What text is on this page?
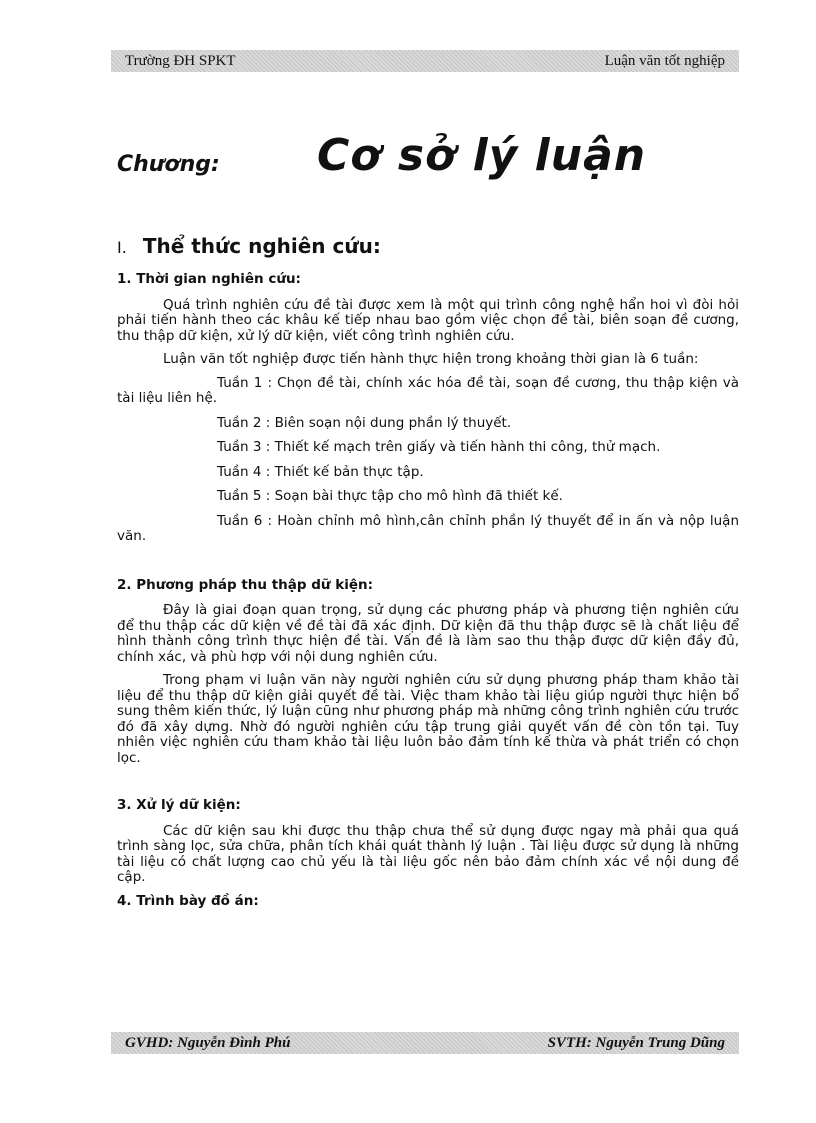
Trường ĐH SPKT	Luận văn tốt nghiệp
Chương: Cơ sở lý luận
I. Thể thức nghiên cứu:
1. Thời gian nghiên cứu:

Quá trình nghiên cứu đề tài được xem là một qui trình công nghệ hẩn hoi vì đòi hỏi phải tiến hành theo các khâu kế tiếp nhau bao gồm việc chọn đề tài, biên soạn đề cương, thu thập dữ kiện, xử lý dữ kiện, viết công trình nghiên cứu.

Luận văn tốt nghiệp được tiến hành thực hiện trong khoảng thời gian là 6 tuần:

Tuần 1 : Chọn đề tài, chính xác hóa đề tài, soạn đề cương, thu thập kiện và tài liệu liên hệ.

Tuần 2 : Biên soạn nội dung phần lý thuyết.

Tuần 3 : Thiết kế mạch trên giấy và tiến hành thi công, thử mạch.

Tuần 4 : Thiết kế bản thực tập.

Tuần 5 : Soạn bài thực tập cho mô hình đã thiết kế.

Tuần 6 : Hoàn chỉnh mô hình,cân chỉnh phần lý thuyết để in ấn và nộp luận văn.

2. Phương pháp thu thập dữ kiện:

Đây là giai đoạn quan trọng, sử dụng các phương pháp và phương tiện nghiên cứu để thu thập các dữ kiện về đề tài đã xác định. Dữ kiện đã thu thập được sẽ là chất liệu để hình thành công trình thực hiện đề tài. Vấn đề là làm sao thu thập được dữ kiện đầy đủ, chính xác, và phù hợp với nội dung nghiên cứu.

Trong phạm vi luận văn này người nghiên cứu sử dụng phương pháp tham khảo tài liệu để thu thập dữ kiện giải quyết đề tài. Việc tham khảo tài liệu giúp người thực hiện bổ sung thêm kiến thức, lý luận cũng như phương pháp mà những công trình nghiên cứu trước đó đã xây dựng. Nhờ đó người nghiên cứu tập trung giải quyết vấn đề còn tồn tại. Tuy nhiên việc nghiên cứu tham khảo tài liệu luôn bảo đảm tính kế thừa và phát triển có chọn lọc.

3. Xử lý dữ kiện:

Các dữ kiện sau khi được thu thập chưa thể sử dụng được ngay mà phải qua quá trình sàng lọc, sửa chữa, phân tích khái quát thành lý luận . Tài liệu được sử dụng là những tài liệu có chất lượng cao chủ yếu là tài liệu gốc nên bảo đảm chính xác về nội dung đề cập.

4. Trình bày đồ án:
GVHD: Nguyễn Đình Phú	SVTH: Nguyễn Trung Dũng
